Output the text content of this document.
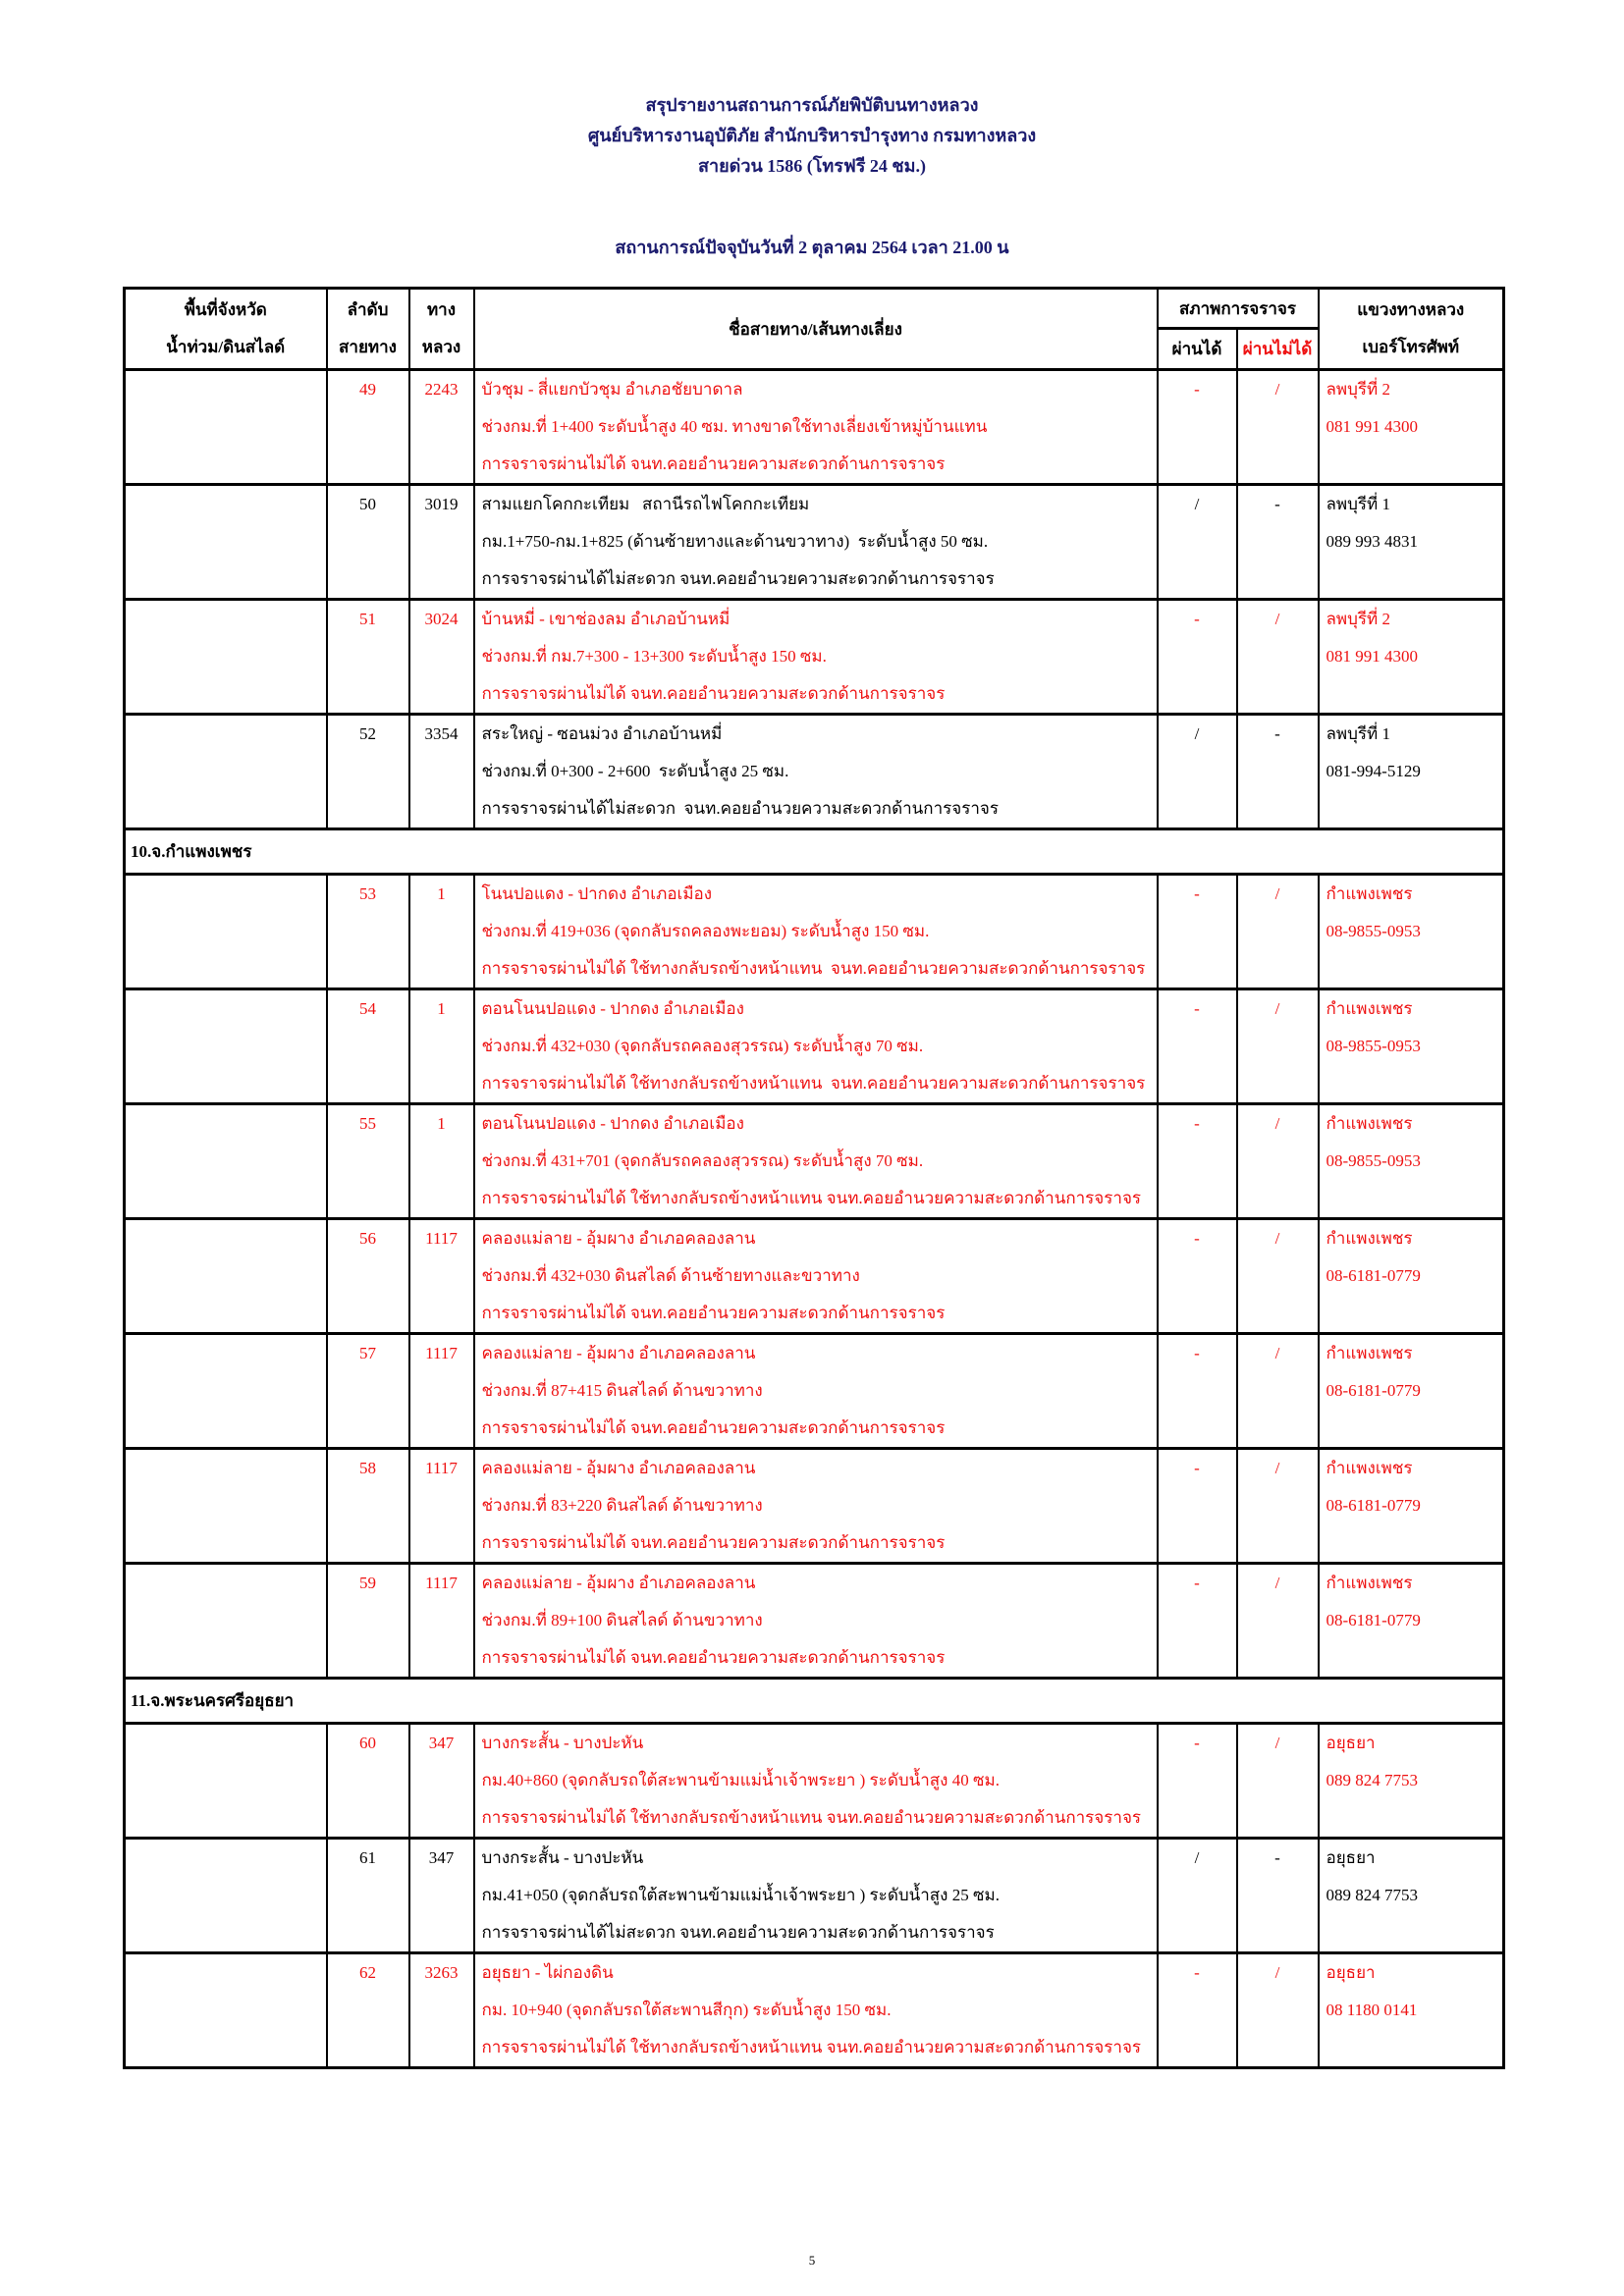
สรุปรายงานสถานการณ์ภัยพิบัติบนทางหลวง
ศูนย์บริหารงานอุบัติภัย สำนักบริหารบำรุงทาง กรมทางหลวง
สายด่วน 1586 (โทรฟรี 24 ชม.)
สถานการณ์ปัจจุบันวันที่ 2 ตุลาคม 2564 เวลา 21.00 น
พื้นที่จังหวัด
น้ำท่วม/ดินสไลด์

ลำดับ
สายทาง

ทาง
หลวง
	ชื่อสายทาง/เส้นทางเลี่ยง	สภาพการจราจร	แขวงทางหลวง
เบอร์โทรศัพท์

				ผ่านได้	ผ่านไม่ได้	

49	2243	บัวชุม - สี่แยกบัวชุม อำเภอชัยบาดาล
ช่วงกม.ที่ 1+400 ระดับน้ำสูง 40 ซม. ทางขาดใช้ทางเลี่ยงเข้าหมู่บ้านแทน
การจราจรผ่านไม่ได้ จนท.คอยอำนวยความสะดวกด้านการจราจร

-	/	ลพบุรีที่ 2
081 991 4300

50	3019	สามแยกโคกกะเทียม   สถานีรถไฟโคกกะเทียม
กม.1+750-กม.1+825 (ด้านซ้ายทางและด้านขวาทาง)  ระดับน้ำสูง 50 ซม.
การจราจรผ่านได้ไม่สะดวก จนท.คอยอำนวยความสะดวกด้านการจราจร

/	-	ลพบุรีที่ 1
089 993 4831

51	3024	บ้านหมี่ - เขาช่องลม อำเภอบ้านหมี่
ช่วงกม.ที่ กม.7+300 - 13+300 ระดับน้ำสูง 150 ซม.
การจราจรผ่านไม่ได้ จนท.คอยอำนวยความสะดวกด้านการจราจร

-	/	ลพบุรีที่ 2
081 991 4300

52	3354	สระใหญ่ - ซอนม่วง อำเภอบ้านหมี่
ช่วงกม.ที่ 0+300 - 2+600  ระดับน้ำสูง 25 ซม.
การจราจรผ่านได้ไม่สะดวก  จนท.คอยอำนวยความสะดวกด้านการจราจร

/	-	ลพบุรีที่ 1
081-994-5129

10.จ.กำแพงเพชร						

53	1	โนนปอแดง - ปากดง อำเภอเมือง
ช่วงกม.ที่ 419+036 (จุดกลับรถคลองพะยอม) ระดับน้ำสูง 150 ซม.
การจราจรผ่านไม่ได้ ใช้ทางกลับรถข้างหน้าแทน  จนท.คอยอำนวยความสะดวกด้านการจราจร

-	/	กำแพงเพชร
08-9855-0953

54	1	ตอนโนนปอแดง - ปากดง อำเภอเมือง
ช่วงกม.ที่ 432+030 (จุดกลับรถคลองสุวรรณ) ระดับน้ำสูง 70 ซม.
การจราจรผ่านไม่ได้ ใช้ทางกลับรถข้างหน้าแทน  จนท.คอยอำนวยความสะดวกด้านการจราจร

-	/	กำแพงเพชร
08-9855-0953

55	1	ตอนโนนปอแดง - ปากดง อำเภอเมือง
ช่วงกม.ที่ 431+701 (จุดกลับรถคลองสุวรรณ) ระดับน้ำสูง 70 ซม.
การจราจรผ่านไม่ได้ ใช้ทางกลับรถข้างหน้าแทน จนท.คอยอำนวยความสะดวกด้านการจราจร

-	/	กำแพงเพชร
08-9855-0953

56	1117	คลองแม่ลาย - อุ้มผาง อำเภอคลองลาน
ช่วงกม.ที่ 432+030 ดินสไลด์ ด้านซ้ายทางและขวาทาง
การจราจรผ่านไม่ได้ จนท.คอยอำนวยความสะดวกด้านการจราจร

-	/	กำแพงเพชร
08-6181-0779

57	1117	คลองแม่ลาย - อุ้มผาง อำเภอคลองลาน
ช่วงกม.ที่ 87+415 ดินสไลด์ ด้านขวาทาง
การจราจรผ่านไม่ได้ จนท.คอยอำนวยความสะดวกด้านการจราจร

-	/	กำแพงเพชร
08-6181-0779

58	1117	คลองแม่ลาย - อุ้มผาง อำเภอคลองลาน
ช่วงกม.ที่ 83+220 ดินสไลด์ ด้านขวาทาง
การจราจรผ่านไม่ได้ จนท.คอยอำนวยความสะดวกด้านการจราจร

-	/	กำแพงเพชร
08-6181-0779

59	1117	คลองแม่ลาย - อุ้มผาง อำเภอคลองลาน
ช่วงกม.ที่ 89+100 ดินสไลด์ ด้านขวาทาง
การจราจรผ่านไม่ได้ จนท.คอยอำนวยความสะดวกด้านการจราจร

-	/	กำแพงเพชร
08-6181-0779

11.จ.พระนครศรีอยุธยา						

60	347	บางกระสั้น - บางปะหัน
กม.40+860 (จุดกลับรถใต้สะพานข้ามแม่น้ำเจ้าพระยา ) ระดับน้ำสูง 40 ซม.
การจราจรผ่านไม่ได้ ใช้ทางกลับรถข้างหน้าแทน จนท.คอยอำนวยความสะดวกด้านการจราจร

-	/	อยุธยา
089 824 7753

61	347	บางกระสั้น - บางปะหัน
กม.41+050 (จุดกลับรถใต้สะพานข้ามแม่น้ำเจ้าพระยา ) ระดับน้ำสูง 25 ซม.
การจราจรผ่านได้ไม่สะดวก จนท.คอยอำนวยความสะดวกด้านการจราจร

/	-	อยุธยา
089 824 7753

62	3263	อยุธยา - ไผ่กองดิน
กม. 10+940 (จุดกลับรถใต้สะพานสีกุก) ระดับน้ำสูง 150 ซม.
การจราจรผ่านไม่ได้ ใช้ทางกลับรถข้างหน้าแทน จนท.คอยอำนวยความสะดวกด้านการจราจร

-	/	อยุธยา
08 1180 0141
5
